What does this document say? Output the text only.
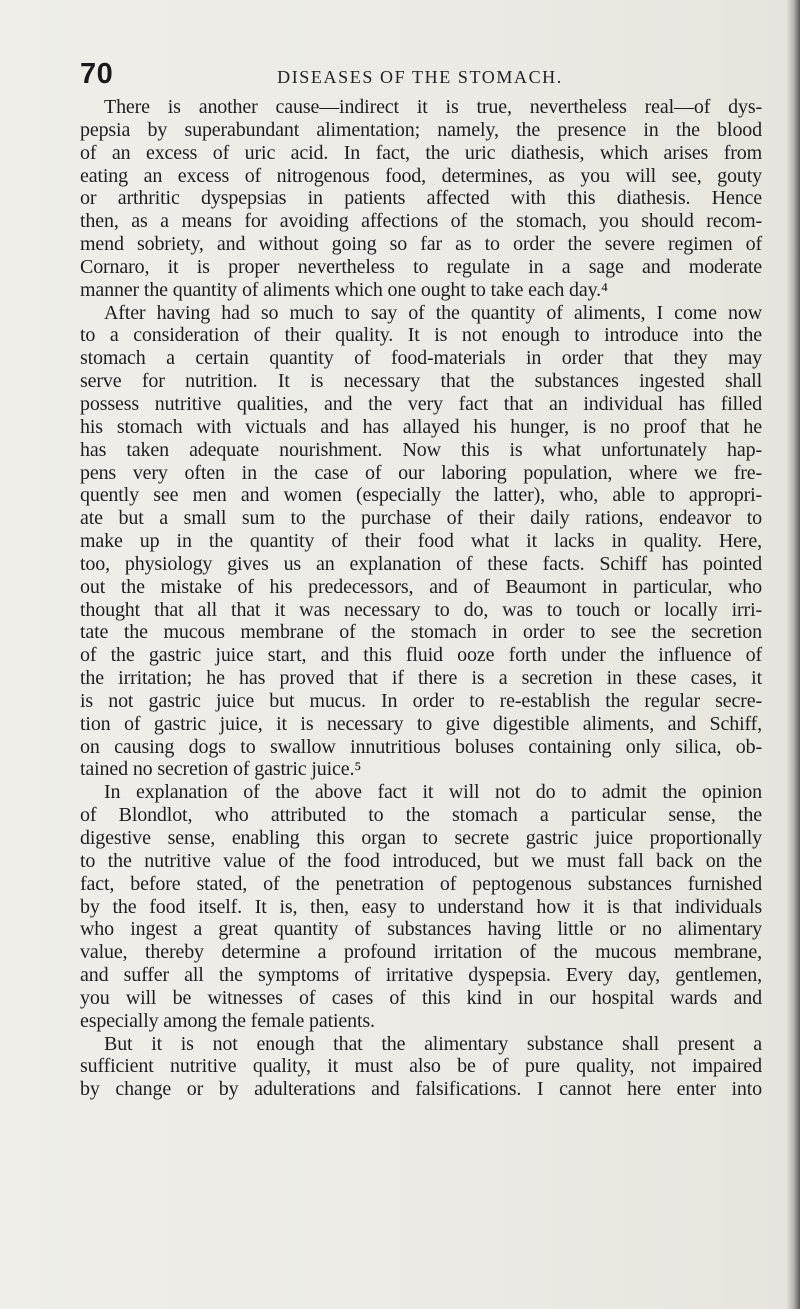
70	DISEASES OF THE STOMACH.
There is another cause—indirect it is true, nevertheless real—of dys-
pepsia by superabundant alimentation; namely, the presence in the blood
of an excess of uric acid. In fact, the uric diathesis, which arises from
eating an excess of nitrogenous food, determines, as you will see, gouty
or arthritic dyspepsias in patients affected with this diathesis. Hence
then, as a means for avoiding affections of the stomach, you should recom-
mend sobriety, and without going so far as to order the severe regimen of
Cornaro, it is proper nevertheless to regulate in a sage and moderate
manner the quantity of aliments which one ought to take each day.⁴
After having had so much to say of the quantity of aliments, I come now
to a consideration of their quality. It is not enough to introduce into the
stomach a certain quantity of food-materials in order that they may
serve for nutrition. It is necessary that the substances ingested shall
possess nutritive qualities, and the very fact that an individual has filled
his stomach with victuals and has allayed his hunger, is no proof that he
has taken adequate nourishment. Now this is what unfortunately hap-
pens very often in the case of our laboring population, where we fre-
quently see men and women (especially the latter), who, able to appropri-
ate but a small sum to the purchase of their daily rations, endeavor to
make up in the quantity of their food what it lacks in quality. Here,
too, physiology gives us an explanation of these facts. Schiff has pointed
out the mistake of his predecessors, and of Beaumont in particular, who
thought that all that it was necessary to do, was to touch or locally irri-
tate the mucous membrane of the stomach in order to see the secretion
of the gastric juice start, and this fluid ooze forth under the influence of
the irritation; he has proved that if there is a secretion in these cases, it
is not gastric juice but mucus. In order to re-establish the regular secre-
tion of gastric juice, it is necessary to give digestible aliments, and Schiff,
on causing dogs to swallow innutritious boluses containing only silica, ob-
tained no secretion of gastric juice.⁵
In explanation of the above fact it will not do to admit the opinion
of Blondlot, who attributed to the stomach a particular sense, the
digestive sense, enabling this organ to secrete gastric juice proportionally
to the nutritive value of the food introduced, but we must fall back on the
fact, before stated, of the penetration of peptogenous substances furnished
by the food itself. It is, then, easy to understand how it is that individuals
who ingest a great quantity of substances having little or no alimentary
value, thereby determine a profound irritation of the mucous membrane,
and suffer all the symptoms of irritative dyspepsia. Every day, gentlemen,
you will be witnesses of cases of this kind in our hospital wards and
especially among the female patients.
But it is not enough that the alimentary substance shall present a
sufficient nutritive quality, it must also be of pure quality, not impaired
by change or by adulterations and falsifications. I cannot here enter into
